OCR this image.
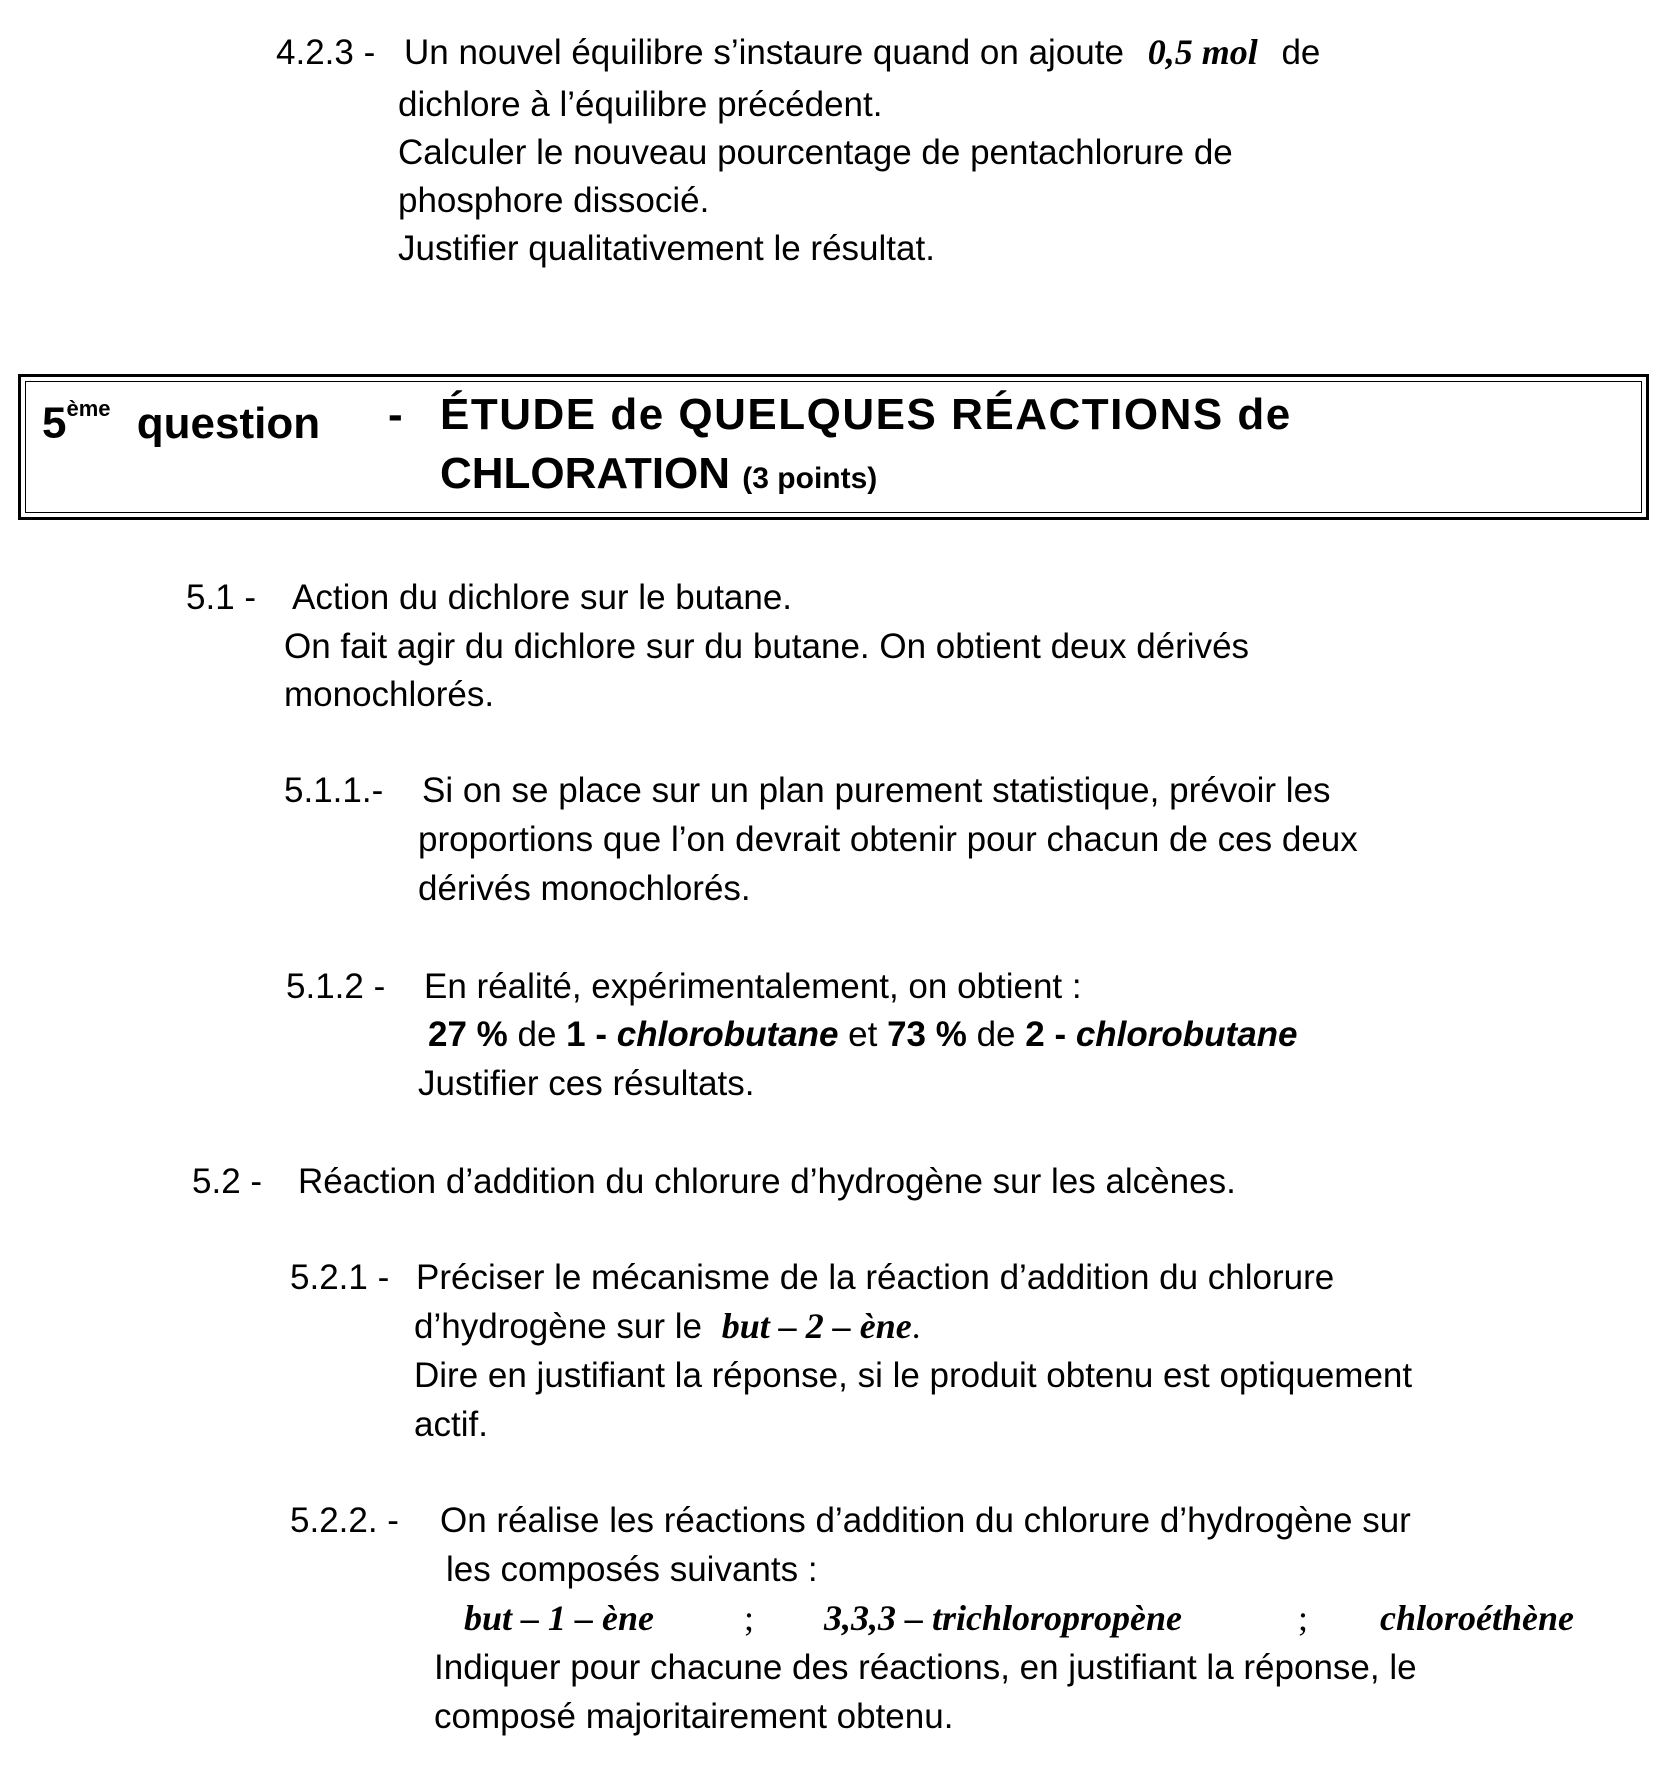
4.2.3 - Un nouvel équilibre s’instaure quand on ajoute 0,5 mol de
dichlore à l’équilibre précédent.
Calculer le nouveau pourcentage de pentachlorure de
phosphore dissocié.
Justifier qualitativement le résultat.
5ème question - ÉTUDE de QUELQUES RÉACTIONS de
CHLORATION (3 points)
5.1 - Action du dichlore sur le butane.
On fait agir du dichlore sur du butane. On obtient deux dérivés
monochlorés.
5.1.1.- Si on se place sur un plan purement statistique, prévoir les
proportions que l’on devrait obtenir pour chacun de ces deux
dérivés monochlorés.
5.1.2 - En réalité, expérimentalement, on obtient :
27 % de 1 - chlorobutane et 73 % de 2 - chlorobutane
Justifier ces résultats.
5.2 - Réaction d’addition du chlorure d’hydrogène sur les alcènes.
5.2.1 - Préciser le mécanisme de la réaction d’addition du chlorure
d’hydrogène sur le but – 2 – ène.
Dire en justifiant la réponse, si le produit obtenu est optiquement
actif.
5.2.2. - On réalise les réactions d’addition du chlorure d’hydrogène sur
les composés suivants :
but – 1 – ène ; 3,3,3 – trichloropropène	; chloroéthène
Indiquer pour chacune des réactions, en justifiant la réponse, le
composé majoritairement obtenu.
